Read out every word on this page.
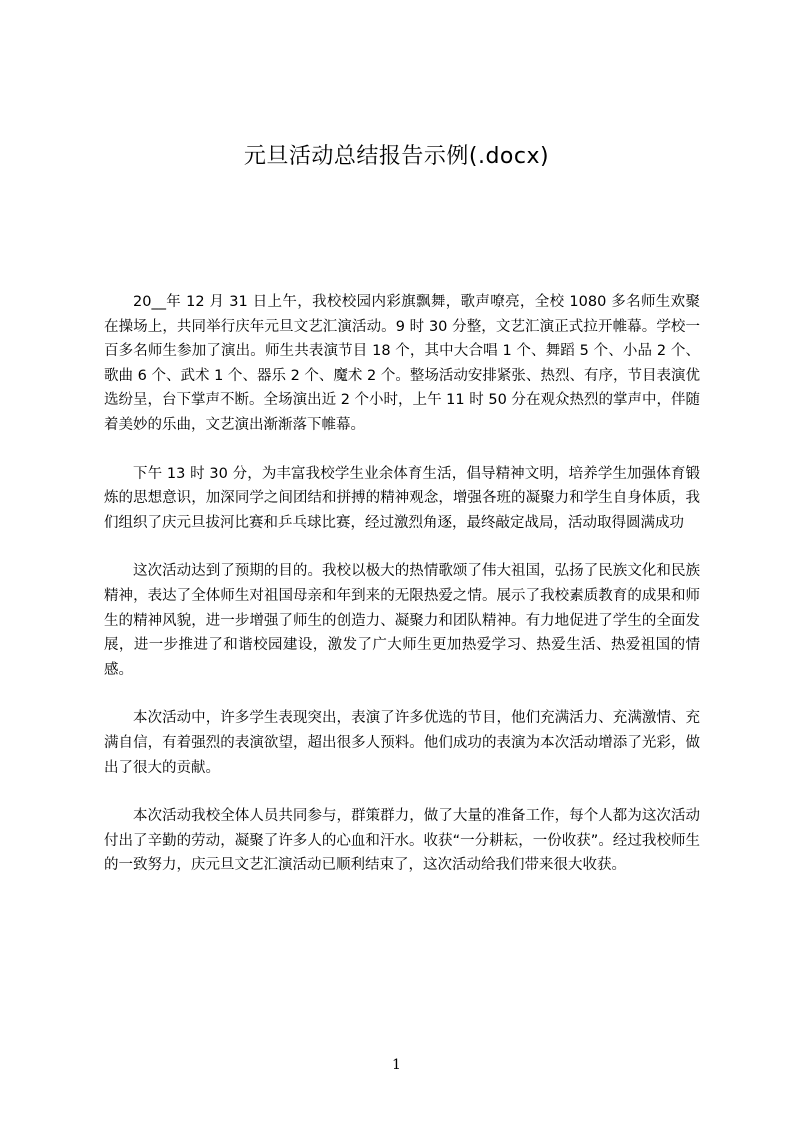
元旦活动总结报告示例(.docx)

20__年 12 月 31 日上午，我校校园内彩旗飘舞，歌声嘹亮，全校 1080 多名师生欢聚在操场上，共同举行庆年元旦文艺汇演活动。9 时 30 分整，文艺汇演正式拉开帷幕。学校一百多名师生参加了演出。师生共表演节目 18 个，其中大合唱 1 个、舞蹈 5 个、小品 2 个、歌曲 6 个、武术 1 个、器乐 2 个、魔术 2 个。整场活动安排紧张、热烈、有序，节目表演优选纷呈，台下掌声不断。全场演出近 2 个小时，上午 11 时 50 分在观众热烈的掌声中，伴随着美妙的乐曲，文艺演出渐渐落下帷幕。

下午 13 时 30 分，为丰富我校学生业余体育生活，倡导精神文明，培养学生加强体育锻炼的思想意识，加深同学之间团结和拼搏的精神观念，增强各班的凝聚力和学生自身体质，我们组织了庆元旦拔河比赛和乒乓球比赛，经过激烈角逐，最终敲定战局，活动取得圆满成功

这次活动达到了预期的目的。我校以极大的热情歌颂了伟大祖国，弘扬了民族文化和民族精神，表达了全体师生对祖国母亲和年到来的无限热爱之情。展示了我校素质教育的成果和师生的精神风貌，进一步增强了师生的创造力、凝聚力和团队精神。有力地促进了学生的全面发展，进一步推进了和谐校园建设，激发了广大师生更加热爱学习、热爱生活、热爱祖国的情感。

本次活动中，许多学生表现突出，表演了许多优选的节目，他们充满活力、充满激情、充满自信，有着强烈的表演欲望，超出很多人预料。他们成功的表演为本次活动增添了光彩，做出了很大的贡献。

本次活动我校全体人员共同参与，群策群力，做了大量的准备工作，每个人都为这次活动付出了辛勤的劳动，凝聚了许多人的心血和汗水。收获“一分耕耘，一份收获”。经过我校师生的一致努力，庆元旦文艺汇演活动已顺利结束了，这次活动给我们带来很大收获。

1
